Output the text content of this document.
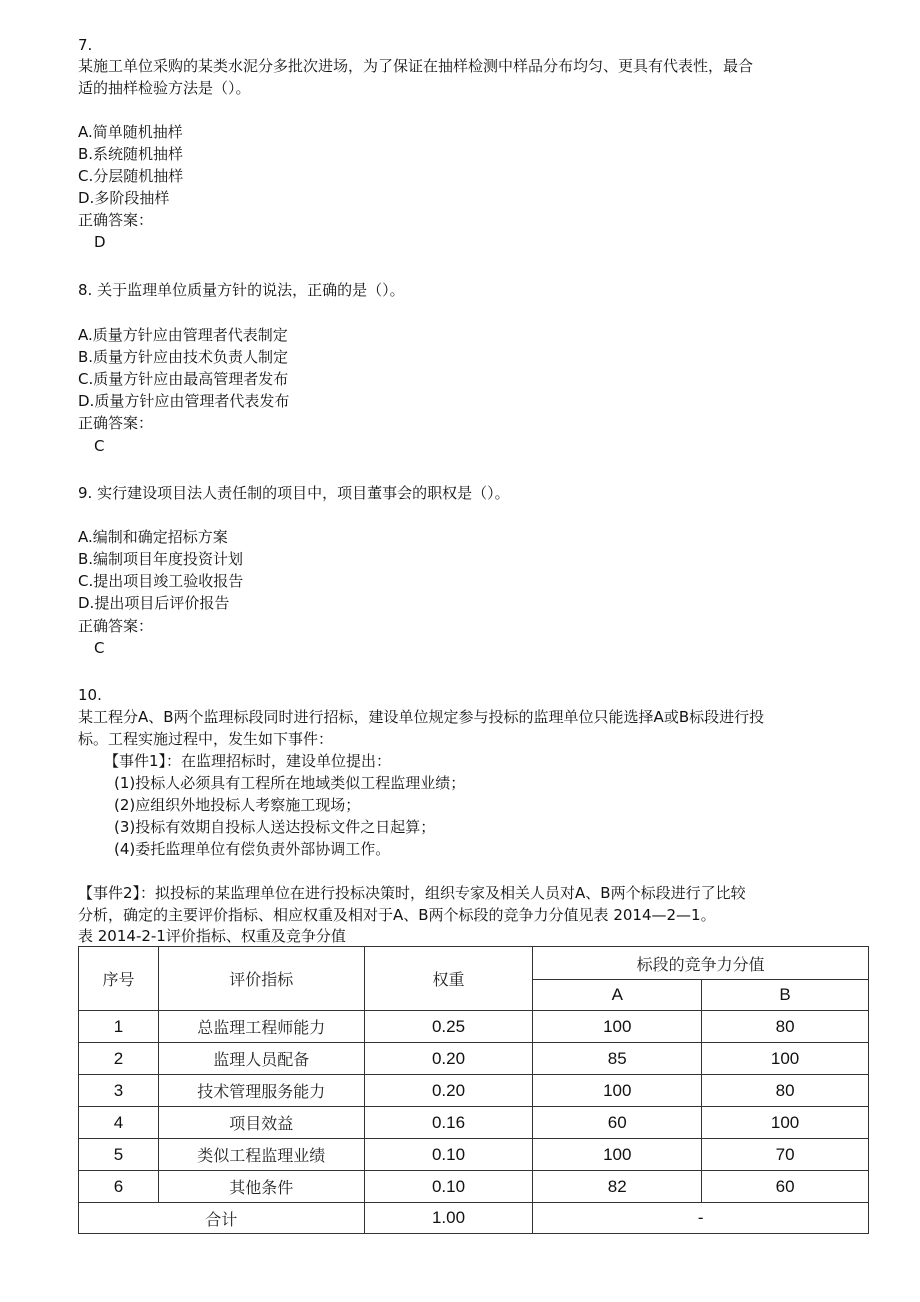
7.
某施工单位采购的某类水泥分多批次进场，为了保证在抽样检测中样品分布均匀、更具有代表性，最合
适的抽样检验方法是（）。
A.简单随机抽样
B.系统随机抽样
C.分层随机抽样
D.多阶段抽样
正确答案：
D
8. 关于监理单位质量方针的说法，正确的是（）。
A.质量方针应由管理者代表制定
B.质量方针应由技术负责人制定
C.质量方针应由最高管理者发布
D.质量方针应由管理者代表发布
正确答案：
C
9. 实行建设项目法人责任制的项目中，项目董事会的职权是（）。
A.编制和确定招标方案
B.编制项目年度投资计划
C.提出项目竣工验收报告
D.提出项目后评价报告
正确答案：
C
10.
某工程分A、B两个监理标段同时进行招标，建设单位规定参与投标的监理单位只能选择A或B标段进行投
标。工程实施过程中，发生如下事件：
【事件1】：在监理招标时，建设单位提出：
(1)投标人必须具有工程所在地域类似工程监理业绩；
(2)应组织外地投标人考察施工现场；
(3)投标有效期自投标人送达投标文件之日起算；
(4)委托监理单位有偿负责外部协调工作。
【事件2】：拟投标的某监理单位在进行投标决策时，组织专家及相关人员对A、B两个标段进行了比较
分析，确定的主要评价指标、相应权重及相对于A、B两个标段的竞争力分值见表 2014—2—1。
表 2014-2-1评价指标、权重及竞争分值
序号	评价指标	权重	标段的竞争力分值	
			A	B
1	总监理工程师能力	0.25	100	80
2	监理人员配备	0.20	85	100
3	技术管理服务能力	0.20	100	80
4	项目效益	0.16	60	100
5	类似工程监理业绩	0.10	100	70
6	其他条件	0.10	82	60
合计		1.00	-	
